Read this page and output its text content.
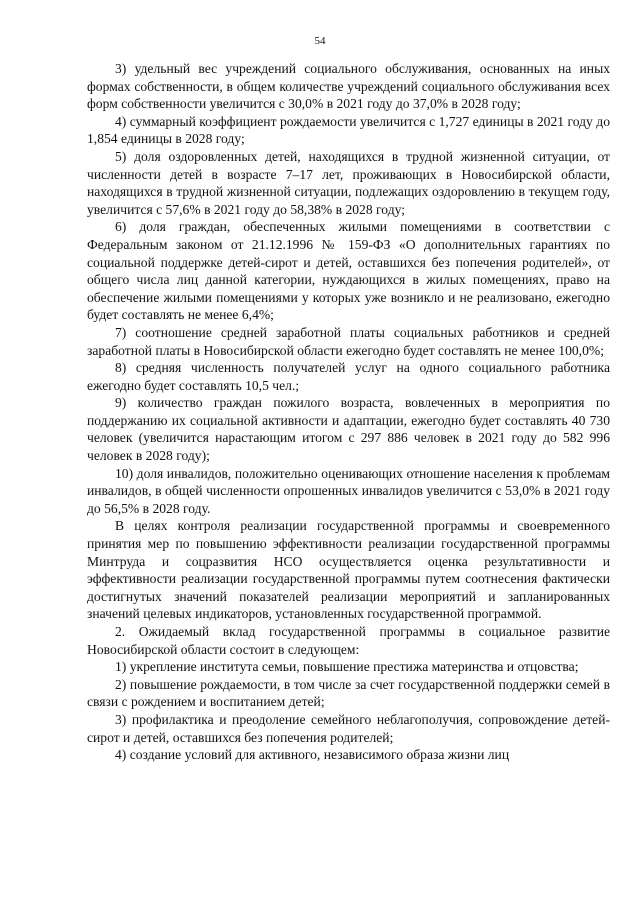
54

3) удельный вес учреждений социального обслуживания, основанных на иных формах собственности, в общем количестве учреждений социального обслуживания всех форм собственности увеличится с 30,0% в 2021 году до 37,0% в 2028 году;

4) суммарный коэффициент рождаемости увеличится с 1,727 единицы в 2021 году до 1,854 единицы в 2028 году;

5) доля оздоровленных детей, находящихся в трудной жизненной ситуации, от численности детей в возрасте 7–17 лет, проживающих в Новосибирской области, находящихся в трудной жизненной ситуации, подлежащих оздоровлению в текущем году, увеличится с 57,6% в 2021 году до 58,38% в 2028 году;

6) доля граждан, обеспеченных жилыми помещениями в соответствии с Федеральным законом от 21.12.1996 № 159-ФЗ «О дополнительных гарантиях по социальной поддержке детей-сирот и детей, оставшихся без попечения родителей», от общего числа лиц данной категории, нуждающихся в жилых помещениях, право на обеспечение жилыми помещениями у которых уже возникло и не реализовано, ежегодно будет составлять не менее 6,4%;

7) соотношение средней заработной платы социальных работников и средней заработной платы в Новосибирской области ежегодно будет составлять не менее 100,0%;

8) средняя численность получателей услуг на одного социального работника ежегодно будет составлять 10,5 чел.;

9) количество граждан пожилого возраста, вовлеченных в мероприятия по поддержанию их социальной активности и адаптации, ежегодно будет составлять 40 730 человек (увеличится нарастающим итогом с 297 886 человек в 2021 году до 582 996 человек в 2028 году);

10) доля инвалидов, положительно оценивающих отношение населения к проблемам инвалидов, в общей численности опрошенных инвалидов увеличится с 53,0% в 2021 году до 56,5% в 2028 году.

В целях контроля реализации государственной программы и своевременного принятия мер по повышению эффективности реализации государственной программы Минтруда и соцразвития НСО осуществляется оценка результативности и эффективности реализации государственной программы путем соотнесения фактически достигнутых значений показателей реализации мероприятий и запланированных значений целевых индикаторов, установленных государственной программой.

2. Ожидаемый вклад государственной программы в социальное развитие Новосибирской области состоит в следующем:

1) укрепление института семьи, повышение престижа материнства и отцовства;

2) повышение рождаемости, в том числе за счет государственной поддержки семей в связи с рождением и воспитанием детей;

3) профилактика и преодоление семейного неблагополучия, сопровождение детей-сирот и детей, оставшихся без попечения родителей;

4) создание условий для активного, независимого образа жизни лиц
